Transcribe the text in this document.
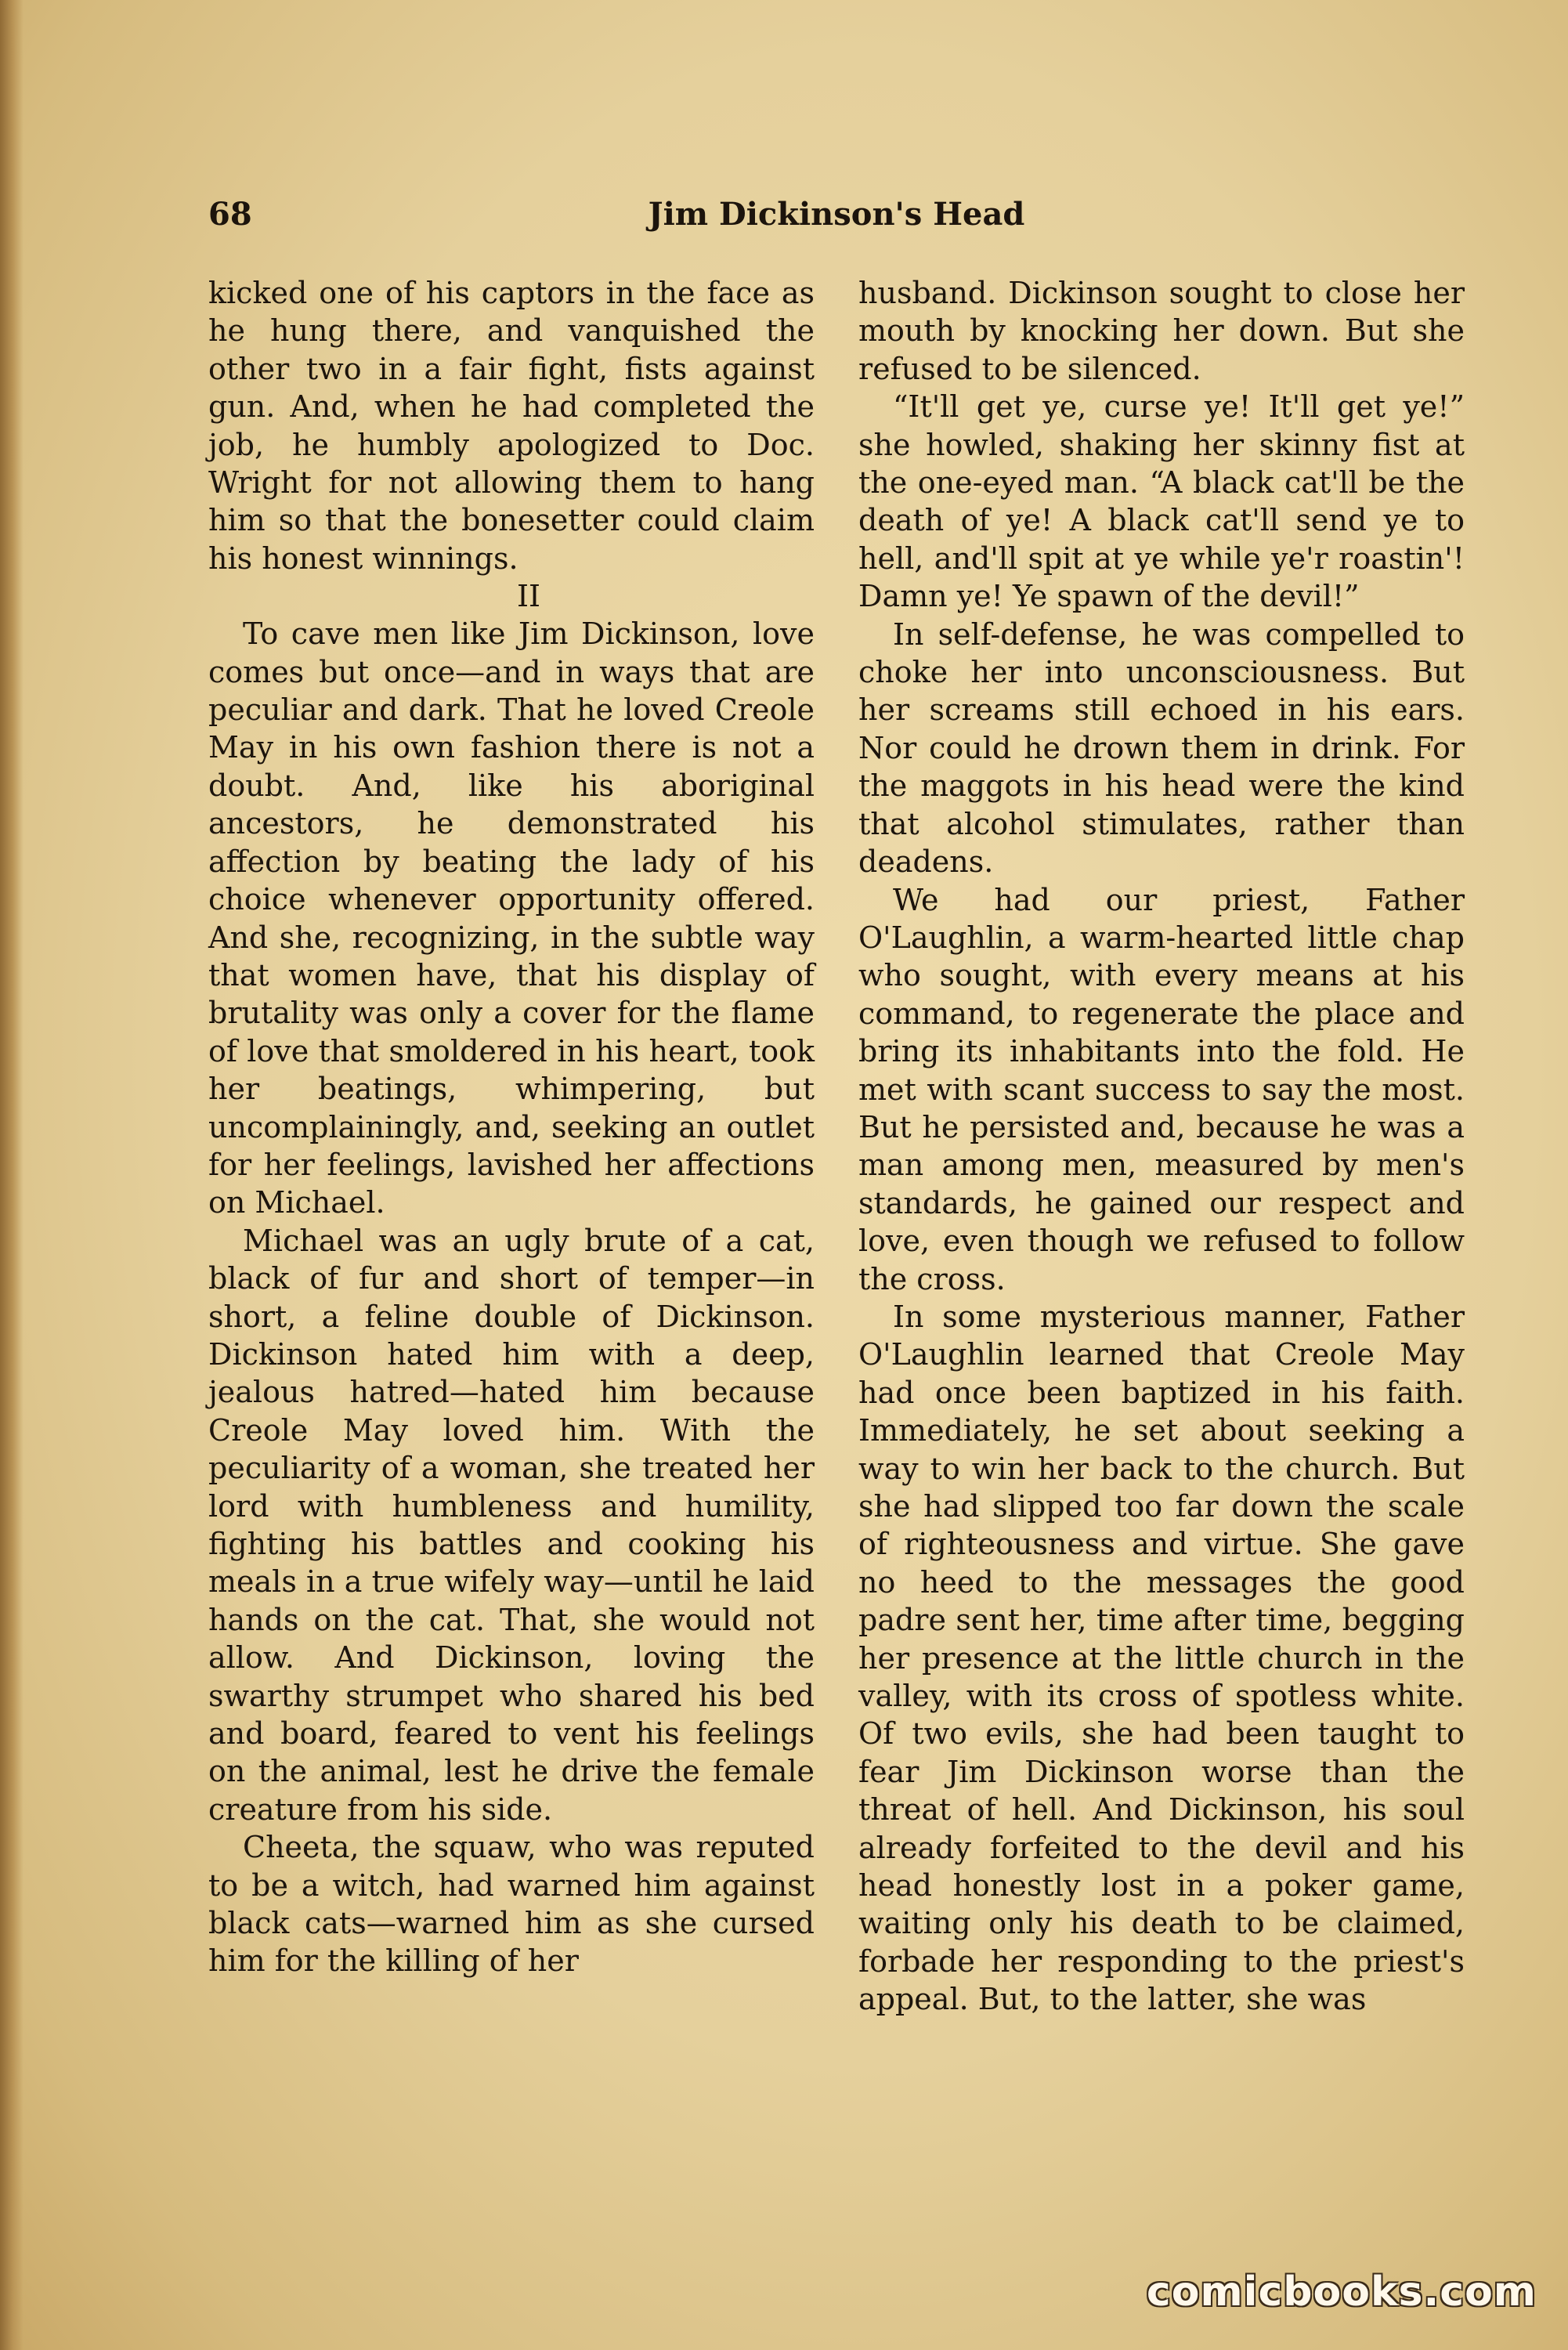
68	Jim Dickinson's Head

kicked one of his captors in the face as he hung there, and vanquished the other two in a fair fight, fists against gun. And, when he had completed the job, he humbly apologized to Doc. Wright for not allowing them to hang him so that the bonesetter could claim his honest winnings.

II

To cave men like Jim Dickinson, love comes but once—and in ways that are peculiar and dark. That he loved Creole May in his own fashion there is not a doubt. And, like his aboriginal ancestors, he demonstrated his affection by beating the lady of his choice whenever opportunity offered. And she, recognizing, in the subtle way that women have, that his display of brutality was only a cover for the flame of love that smoldered in his heart, took her beatings, whimpering, but uncomplainingly, and, seeking an outlet for her feelings, lavished her affections on Michael.

Michael was an ugly brute of a cat, black of fur and short of temper—in short, a feline double of Dickinson. Dickinson hated him with a deep, jealous hatred—hated him because Creole May loved him. With the peculiarity of a woman, she treated her lord with humbleness and humility, fighting his battles and cooking his meals in a true wifely way—until he laid hands on the cat. That, she would not allow. And Dickinson, loving the swarthy strumpet who shared his bed and board, feared to vent his feelings on the animal, lest he drive the female creature from his side.

Cheeta, the squaw, who was reputed to be a witch, had warned him against black cats—warned him as she cursed him for the killing of her

husband. Dickinson sought to close her mouth by knocking her down. But she refused to be silenced.

“It'll get ye, curse ye! It'll get ye!” she howled, shaking her skinny fist at the one-eyed man. “A black cat'll be the death of ye! A black cat'll send ye to hell, and'll spit at ye while ye'r roastin'! Damn ye! Ye spawn of the devil!”

In self-defense, he was compelled to choke her into unconsciousness. But her screams still echoed in his ears. Nor could he drown them in drink. For the maggots in his head were the kind that alcohol stimulates, rather than deadens.

We had our priest, Father O'Laughlin, a warm-hearted little chap who sought, with every means at his command, to regenerate the place and bring its inhabitants into the fold. He met with scant success to say the most. But he persisted and, because he was a man among men, measured by men's standards, he gained our respect and love, even though we refused to follow the cross.

In some mysterious manner, Father O'Laughlin learned that Creole May had once been baptized in his faith. Immediately, he set about seeking a way to win her back to the church. But she had slipped too far down the scale of righteousness and virtue. She gave no heed to the messages the good padre sent her, time after time, begging her presence at the little church in the valley, with its cross of spotless white. Of two evils, she had been taught to fear Jim Dickinson worse than the threat of hell. And Dickinson, his soul already forfeited to the devil and his head honestly lost in a poker game, waiting only his death to be claimed, forbade her responding to the priest's appeal. But, to the latter, she was

comicbooks.com
